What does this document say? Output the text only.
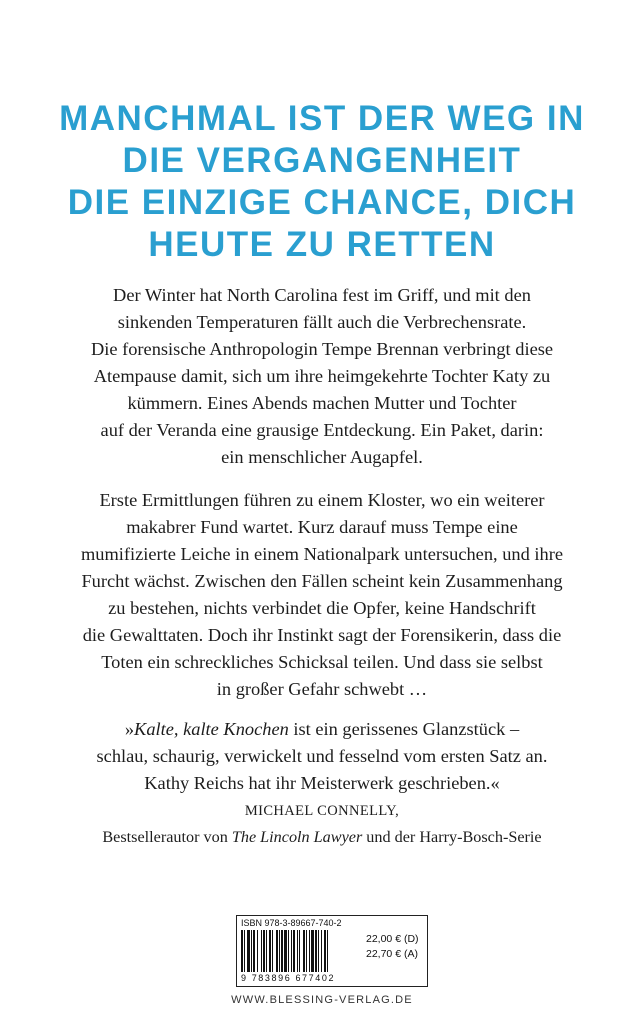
MANCHMAL IST DER WEG IN
DIE VERGANGENHEIT
DIE EINZIGE CHANCE, DICH
HEUTE ZU RETTEN
Der Winter hat North Carolina fest im Griff, und mit den
sinkenden Temperaturen fällt auch die Verbrechensrate.
Die forensische Anthropologin Tempe Brennan verbringt diese
Atempause damit, sich um ihre heimgekehrte Tochter Katy zu
kümmern. Eines Abends machen Mutter und Tochter
auf der Veranda eine grausige Entdeckung. Ein Paket, darin:
ein menschlicher Augapfel.
Erste Ermittlungen führen zu einem Kloster, wo ein weiterer
makabrer Fund wartet. Kurz darauf muss Tempe eine
mumifizierte Leiche in einem Nationalpark untersuchen, und ihre
Furcht wächst. Zwischen den Fällen scheint kein Zusammenhang
zu bestehen, nichts verbindet die Opfer, keine Handschrift
die Gewalttaten. Doch ihr Instinkt sagt der Forensikerin, dass die
Toten ein schreckliches Schicksal teilen. Und dass sie selbst
in großer Gefahr schwebt …
»Kalte, kalte Knochen ist ein gerissenes Glanzstück –
schlau, schaurig, verwickelt und fesselnd vom ersten Satz an.
Kathy Reichs hat ihr Meisterwerk geschrieben.«
MICHAEL CONNELLY,
Bestsellerautor von The Lincoln Lawyer und der Harry-Bosch-Serie
ISBN 978-3-89667-740-2
9 783896 677402
22,00 € (D)
22,70 € (A)
WWW.BLESSING-VERLAG.DE
